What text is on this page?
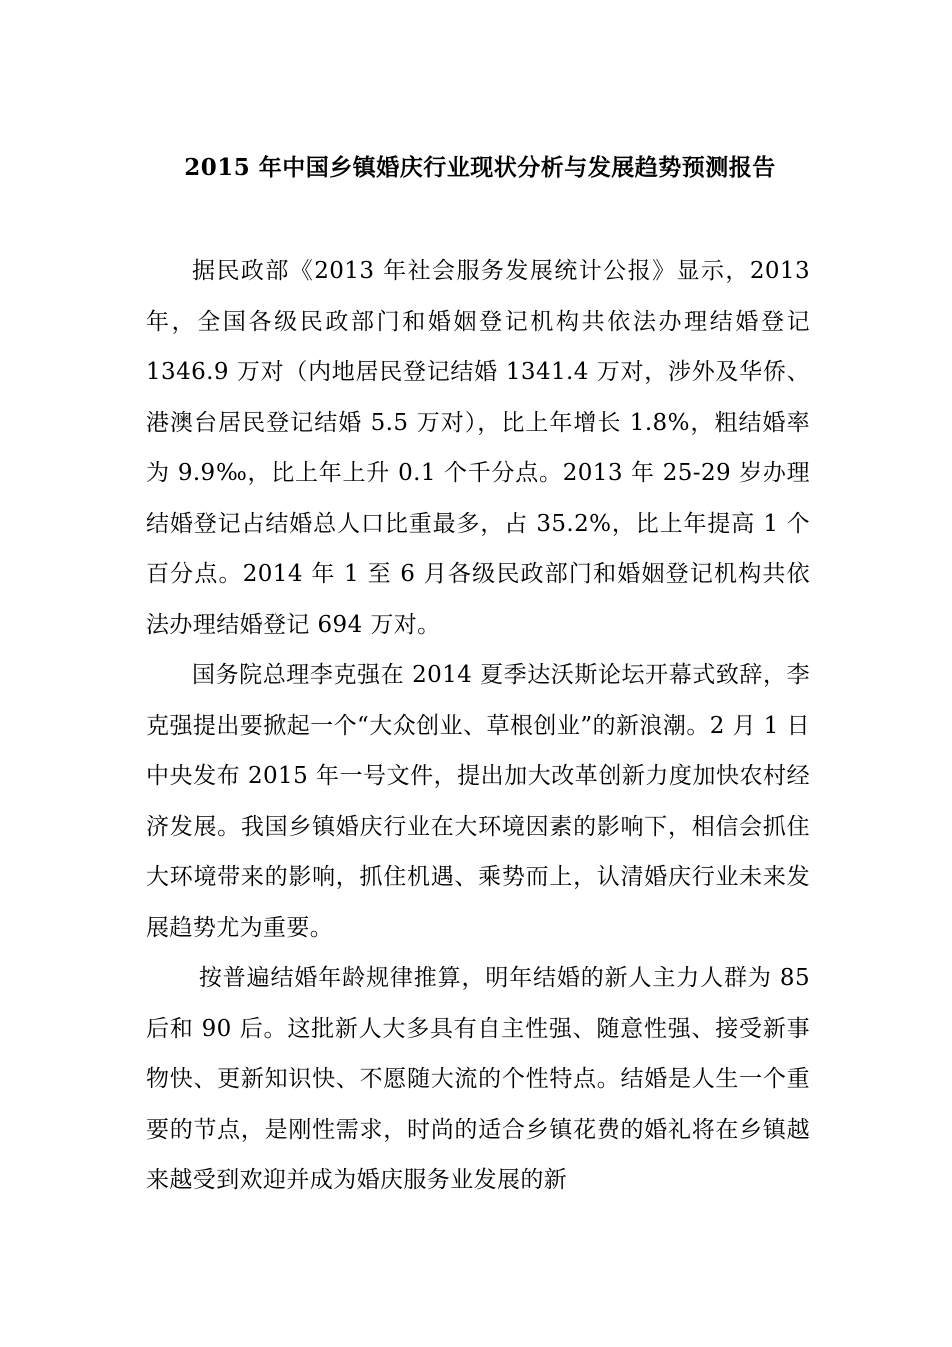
2015 年中国乡镇婚庆行业现状分析与发展趋势预测报告

据民政部《2013 年社会服务发展统计公报》显示，2013 年，全国各级民政部门和婚姻登记机构共依法办理结婚登记 1346.9 万对（内地居民登记结婚 1341.4 万对，涉外及华侨、港澳台居民登记结婚 5.5 万对），比上年增长 1.8%，粗结婚率为 9.9‰，比上年上升 0.1 个千分点。2013 年 25-29 岁办理结婚登记占结婚总人口比重最多，占 35.2%，比上年提高 1 个百分点。2014 年 1 至 6 月各级民政部门和婚姻登记机构共依法办理结婚登记 694 万对。

国务院总理李克强在 2014 夏季达沃斯论坛开幕式致辞，李克强提出要掀起一个“大众创业、草根创业”的新浪潮。2 月 1 日中央发布 2015 年一号文件，提出加大改革创新力度加快农村经济发展。我国乡镇婚庆行业在大环境因素的影响下，相信会抓住大环境带来的影响，抓住机遇、乘势而上，认清婚庆行业未来发展趋势尤为重要。

按普遍结婚年龄规律推算，明年结婚的新人主力人群为 85 后和 90 后。这批新人大多具有自主性强、随意性强、接受新事物快、更新知识快、不愿随大流的个性特点。结婚是人生一个重要的节点，是刚性需求，时尚的适合乡镇花费的婚礼将在乡镇越来越受到欢迎并成为婚庆服务业发展的新
